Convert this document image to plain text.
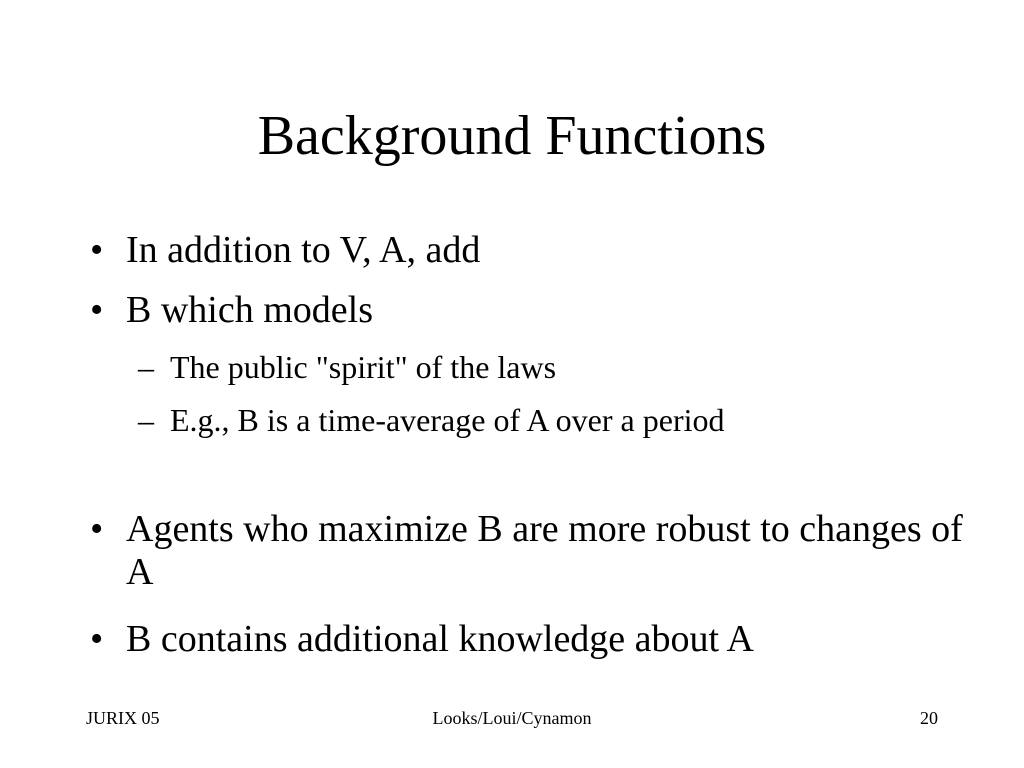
Background Functions
• In addition to V, A, add
• B which models
– The public "spirit" of the laws
– E.g., B is a time-average of A over a period
• Agents who maximize B are more robust to changes of A
• B contains additional knowledge about A
JURIX 05	Looks/Loui/Cynamon	20
